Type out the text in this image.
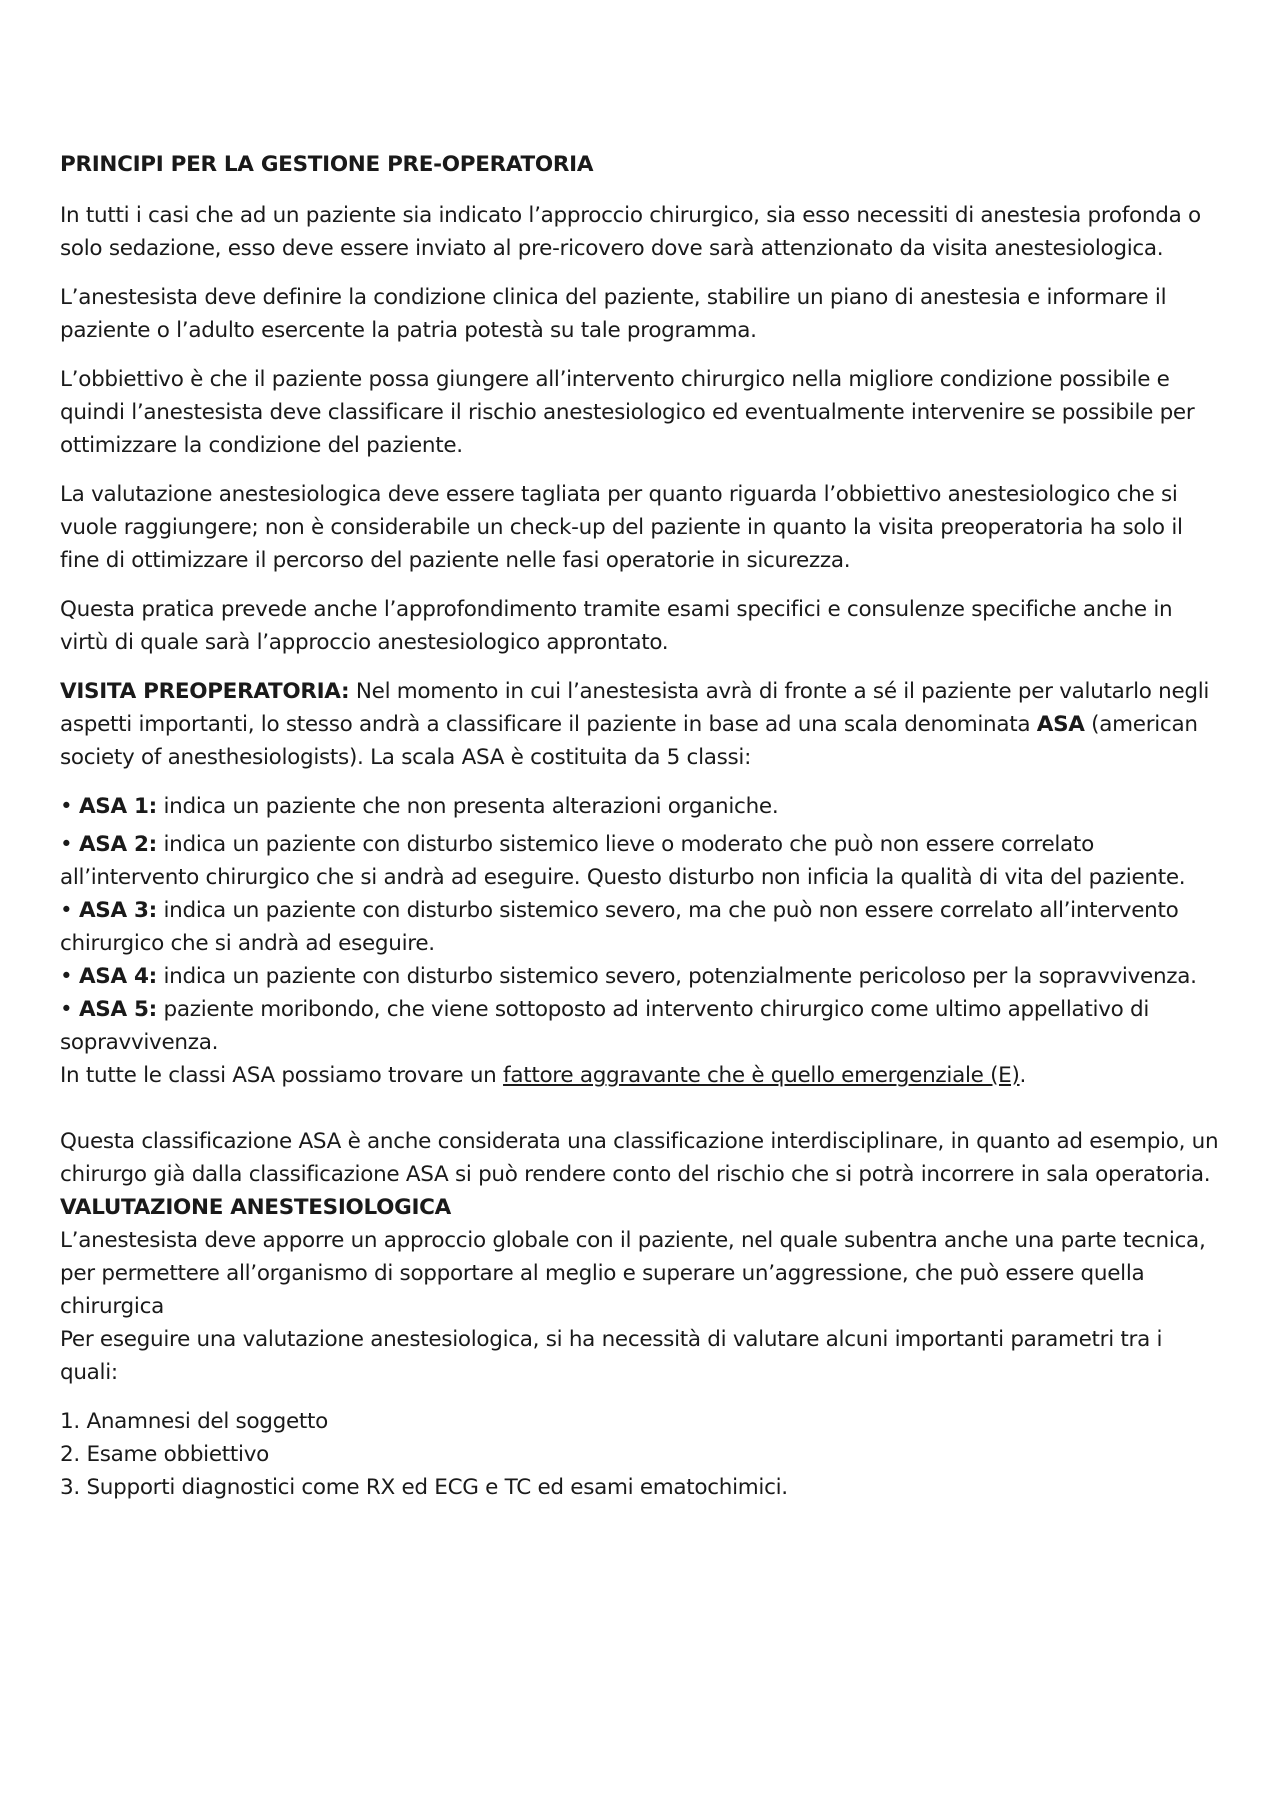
PRINCIPI PER LA GESTIONE PRE-OPERATORIA

In tutti i casi che ad un paziente sia indicato l’approccio chirurgico, sia esso necessiti di anestesia profonda o solo sedazione, esso deve essere inviato al pre-ricovero dove sarà attenzionato da visita anestesiologica.

L’anestesista deve definire la condizione clinica del paziente, stabilire un piano di anestesia e informare il paziente o l’adulto esercente la patria potestà su tale programma.

L’obbiettivo è che il paziente possa giungere all’intervento chirurgico nella migliore condizione possibile e quindi l’anestesista deve classificare il rischio anestesiologico ed eventualmente intervenire se possibile per ottimizzare la condizione del paziente.

La valutazione anestesiologica deve essere tagliata per quanto riguarda l’obbiettivo anestesiologico che si vuole raggiungere; non è considerabile un check-up del paziente in quanto la visita preoperatoria ha solo il fine di ottimizzare il percorso del paziente nelle fasi operatorie in sicurezza.

Questa pratica prevede anche l’approfondimento tramite esami specifici e consulenze specifiche anche in virtù di quale sarà l’approccio anestesiologico approntato.

VISITA PREOPERATORIA: Nel momento in cui l’anestesista avrà di fronte a sé il paziente per valutarlo negli aspetti importanti, lo stesso andrà a classificare il paziente in base ad una scala denominata ASA (american society of anesthesiologists). La scala ASA è costituita da 5 classi:

• ASA 1: indica un paziente che non presenta alterazioni organiche.

• ASA 2: indica un paziente con disturbo sistemico lieve o moderato che può non essere correlato all’intervento chirurgico che si andrà ad eseguire. Questo disturbo non inficia la qualità di vita del paziente.

• ASA 3: indica un paziente con disturbo sistemico severo, ma che può non essere correlato all’intervento chirurgico che si andrà ad eseguire.

• ASA 4: indica un paziente con disturbo sistemico severo, potenzialmente pericoloso per la sopravvivenza.

• ASA 5: paziente moribondo, che viene sottoposto ad intervento chirurgico come ultimo appellativo di sopravvivenza.

In tutte le classi ASA possiamo trovare un fattore aggravante che è quello emergenziale (E).

Questa classificazione ASA è anche considerata una classificazione interdisciplinare, in quanto ad esempio, un chirurgo già dalla classificazione ASA si può rendere conto del rischio che si potrà incorrere in sala operatoria.

VALUTAZIONE ANESTESIOLOGICA

L’anestesista deve apporre un approccio globale con il paziente, nel quale subentra anche una parte tecnica, per permettere all’organismo di sopportare al meglio e superare un’aggressione, che può essere quella chirurgica

Per eseguire una valutazione anestesiologica, si ha necessità di valutare alcuni importanti parametri tra i quali:

1. Anamnesi del soggetto

2. Esame obbiettivo

3. Supporti diagnostici come RX ed ECG e TC ed esami ematochimici.
